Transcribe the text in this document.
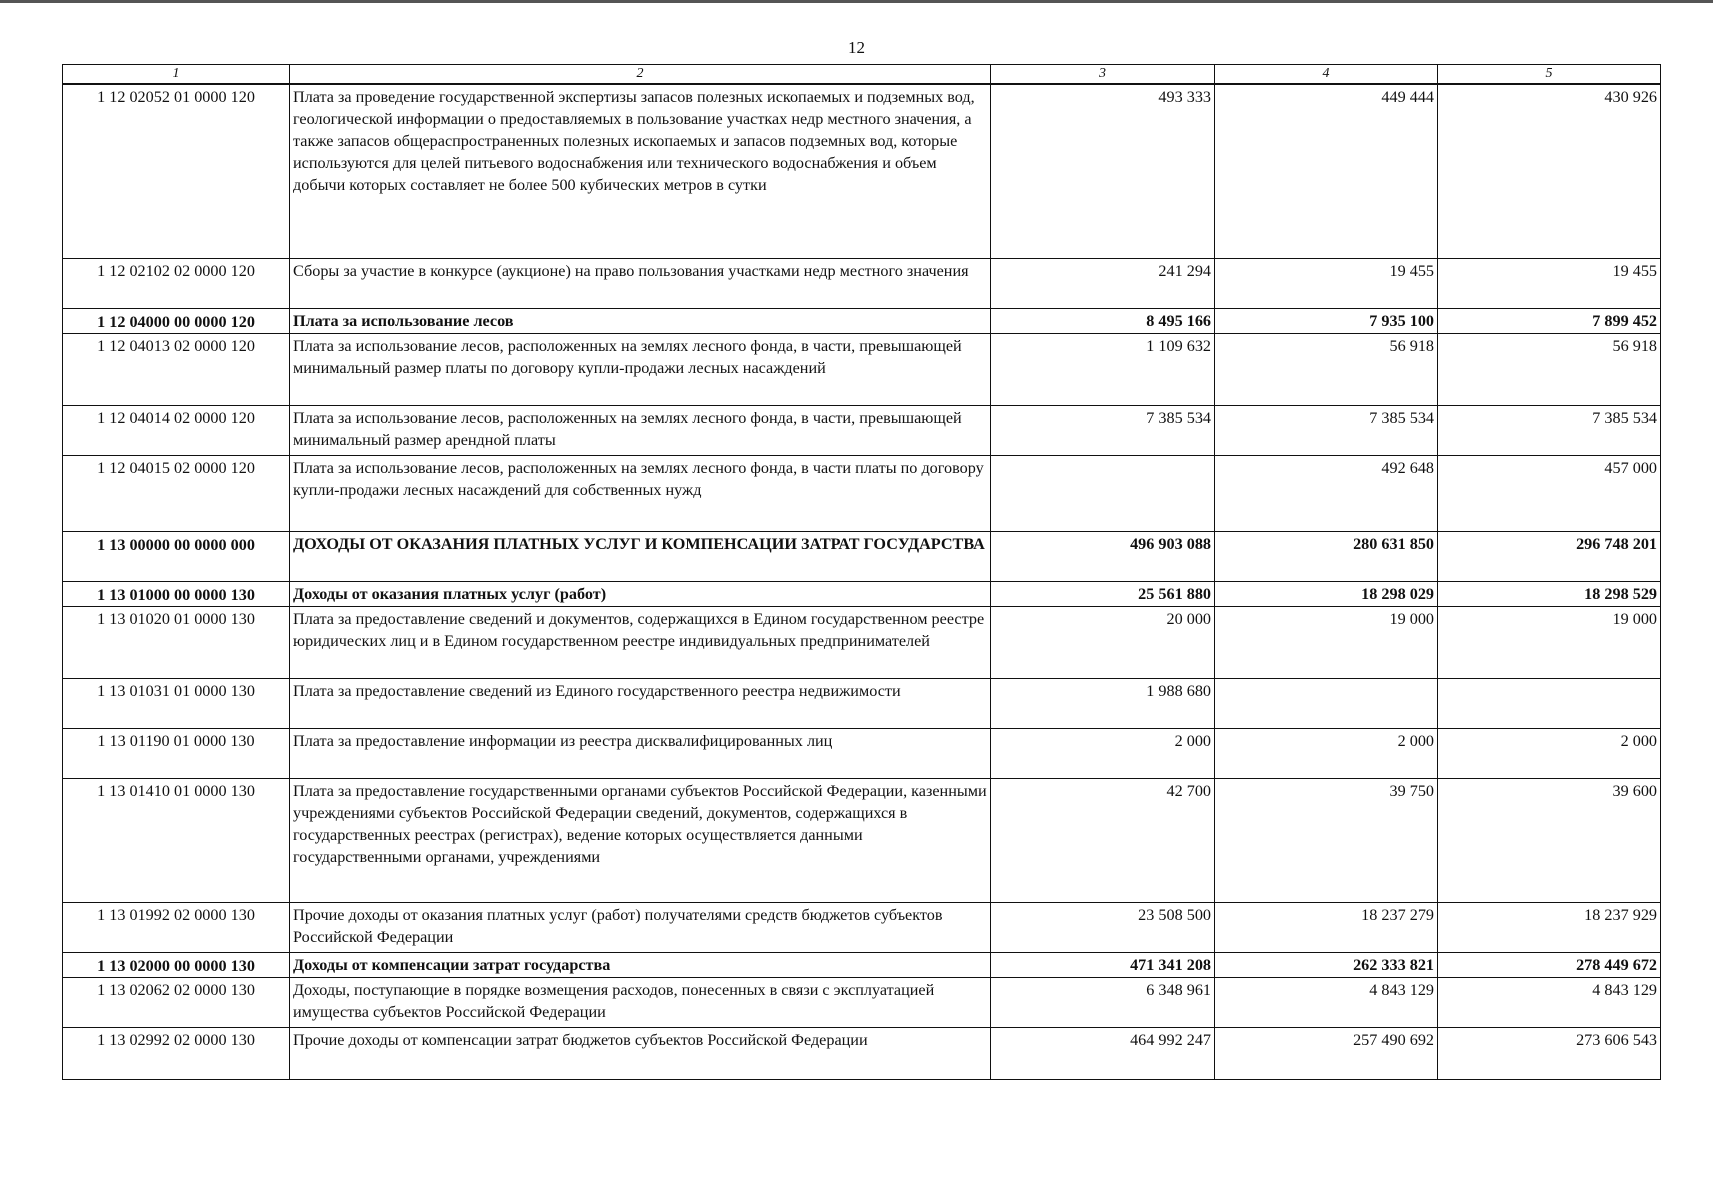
12
1	2	3	4	5
1 12 02052 01 0000 120	Плата за проведение государственной экспертизы запасов полезных ископаемых и подземных вод, геологической информации о предоставляемых в пользование участках недр местного значения, а также запасов общераспространенных полезных ископаемых и запасов подземных вод, которые используются для целей питьевого водоснабжения или технического водоснабжения и объем добычи которых составляет не более 500 кубических метров в сутки	493 333	449 444	430 926
1 12 02102 02 0000 120	Сборы за участие в конкурсе (аукционе) на право пользования участками недр местного значения	241 294	19 455	19 455
1 12 04000 00 0000 120	Плата за использование лесов	8 495 166	7 935 100	7 899 452
1 12 04013 02 0000 120	Плата за использование лесов, расположенных на землях лесного фонда, в части, превышающей минимальный размер платы по договору купли-продажи лесных насаждений	1 109 632	56 918	56 918
1 12 04014 02 0000 120	Плата за использование лесов, расположенных на землях лесного фонда, в части, превышающей минимальный размер арендной платы	7 385 534	7 385 534	7 385 534
1 12 04015 02 0000 120	Плата за использование лесов, расположенных на землях лесного фонда, в части платы по договору купли-продажи лесных насаждений для собственных нужд		492 648	457 000
1 13 00000 00 0000 000	ДОХОДЫ ОТ ОКАЗАНИЯ ПЛАТНЫХ УСЛУГ И КОМПЕНСАЦИИ ЗАТРАТ ГОСУДАРСТВА	496 903 088	280 631 850	296 748 201
1 13 01000 00 0000 130	Доходы от оказания платных услуг (работ)	25 561 880	18 298 029	18 298 529
1 13 01020 01 0000 130	Плата за предоставление сведений и документов, содержащихся в Едином государственном реестре юридических лиц и в Едином государственном реестре индивидуальных предпринимателей	20 000	19 000	19 000
1 13 01031 01 0000 130	Плата за предоставление сведений из Единого государственного реестра недвижимости	1 988 680		
1 13 01190 01 0000 130	Плата за предоставление информации из реестра дисквалифицированных лиц	2 000	2 000	2 000
1 13 01410 01 0000 130	Плата за предоставление государственными органами субъектов Российской Федерации, казенными учреждениями субъектов Российской Федерации сведений, документов, содержащихся в государственных реестрах (регистрах), ведение которых осуществляется данными государственными органами, учреждениями	42 700	39 750	39 600
1 13 01992 02 0000 130	Прочие доходы от оказания платных услуг (работ) получателями средств бюджетов субъектов Российской Федерации	23 508 500	18 237 279	18 237 929
1 13 02000 00 0000 130	Доходы от компенсации затрат государства	471 341 208	262 333 821	278 449 672
1 13 02062 02 0000 130	Доходы, поступающие в порядке возмещения расходов, понесенных в связи с эксплуатацией имущества субъектов Российской Федерации	6 348 961	4 843 129	4 843 129
1 13 02992 02 0000 130	Прочие доходы от компенсации затрат бюджетов субъектов Российской Федерации	464 992 247	257 490 692	273 606 543
